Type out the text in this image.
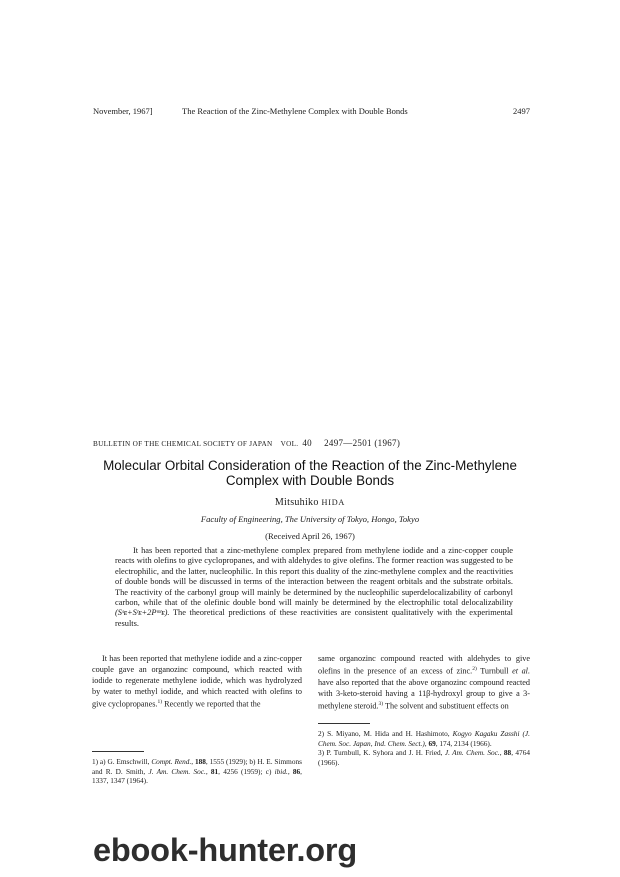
November, 1967]	The Reaction of the Zinc-Methylene Complex with Double Bonds	2497
BULLETIN OF THE CHEMICAL SOCIETY OF JAPAN VOL. 40 2497—2501 (1967)
Molecular Orbital Consideration of the Reaction of the Zinc-Methylene
Complex with Double Bonds
Mitsuhiko HIDA
Faculty of Engineering, The University of Tokyo, Hongo, Tokyo
(Received April 26, 1967)

It has been reported that a zinc-methylene complex prepared from methylene iodide and a zinc-copper couple reacts with olefins to give cyclopropanes, and with aldehydes to give olefins. The former reaction was suggested to be electrophilic, and the latter, nucleophilic. In this report this duality of the zinc-methylene complex and the reactivities of double bonds will be discussed in terms of the interaction between the reagent orbitals and the substrate orbitals. The reactivity of the carbonyl group will mainly be determined by the nucleophilic superdelocalizability of carbonyl carbon, while that of the olefinic double bond will mainly be determined by the electrophilic total delocalizability (Sˢᴇ+Sᵗᴇ+2Pᵐᵗᴇ). The theoretical predictions of these reactivities are consistent qualitatively with the experimental results.

It has been reported that methylene iodide and a zinc-copper couple gave an organozinc compound, which reacted with iodide to regenerate methylene iodide, which was hydrolyzed by water to methyl iodide, and which reacted with olefins to give cyclopropanes.$^{1)}$ Recently we reported that the

same organozinc compound reacted with aldehydes to give olefins in the presence of an excess of zinc.$^{2)}$ Turnbull et al. have also reported that the above organozinc compound reacted with 3-keto-steroid having a 11β-hydroxyl group to give a 3-methylene steroid.$^{3)}$ The solvent and substituent effects on

1) a) G. Emschwill, Compt. Rend., 188, 1555 (1929); b) H. E. Simmons and R. D. Smith, J. Am. Chem. Soc., 81, 4256 (1959); c) ibid., 86, 1337, 1347 (1964).

2) S. Miyano, M. Hida and H. Hashimoto, Kogyo Kagaku Zasshi (J. Chem. Soc. Japan, Ind. Chem. Sect.), 69, 174, 2134 (1966).

3) P. Turnbull, K. Syhora and J. H. Fried, J. Am. Chem. Soc., 88, 4764 (1966).

ebook-hunter.org
